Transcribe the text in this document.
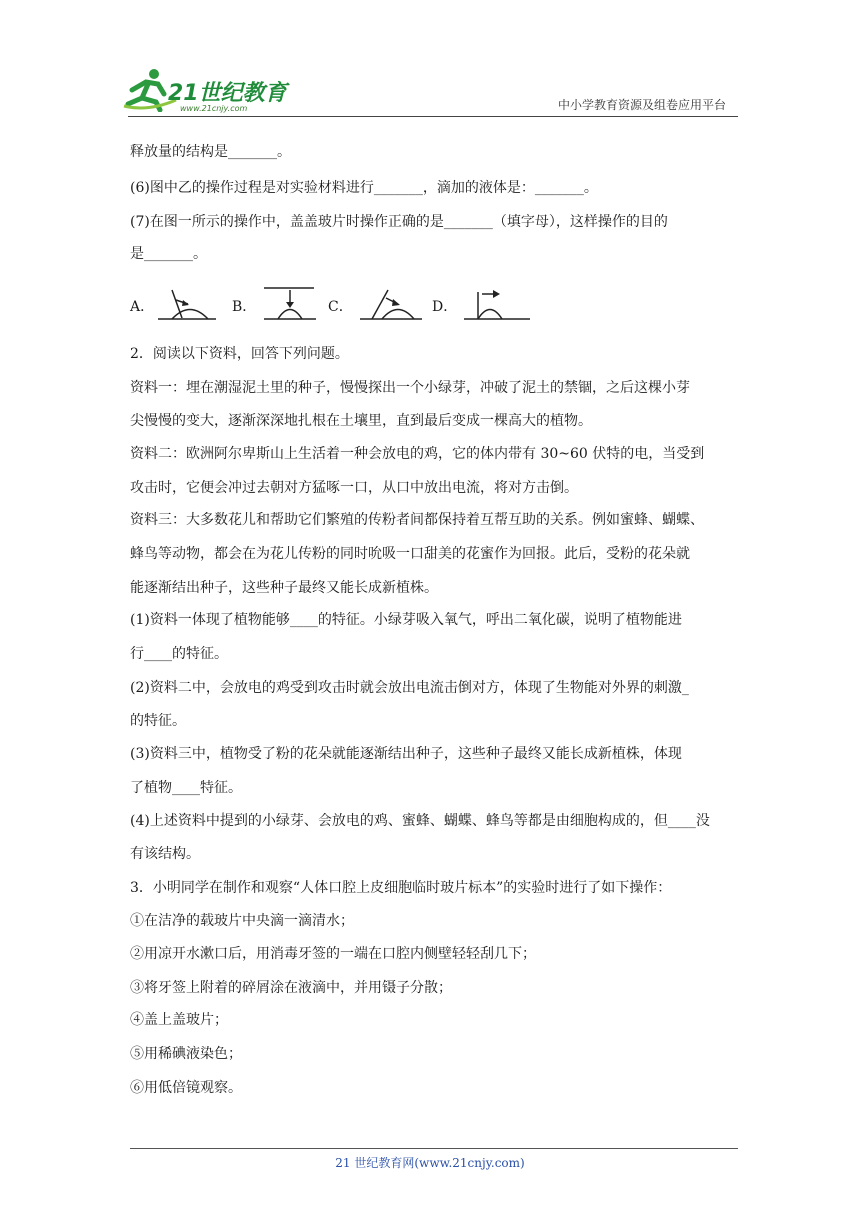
21世纪教育
www.21cnjy.com	中小学教育资源及组卷应用平台
释放量的结构是_______。
(6)图中乙的操作过程是对实验材料进行_______，滴加的液体是：_______。
(7)在图一所示的操作中，盖盖玻片时操作正确的是_______（填字母），这样操作的目的
是_______。
A．	B．	C．	D．
2．阅读以下资料，回答下列问题。
资料一：埋在潮湿泥土里的种子，慢慢探出一个小绿芽，冲破了泥土的禁锢，之后这棵小芽
尖慢慢的变大，逐渐深深地扎根在土壤里，直到最后变成一棵高大的植物。
资料二：欧洲阿尔卑斯山上生活着一种会放电的鸡，它的体内带有 30~60 伏特的电，当受到
攻击时，它便会冲过去朝对方猛啄一口，从口中放出电流，将对方击倒。
资料三：大多数花儿和帮助它们繁殖的传粉者间都保持着互帮互助的关系。例如蜜蜂、蝴蝶、
蜂鸟等动物，都会在为花儿传粉的同时吮吸一口甜美的花蜜作为回报。此后，受粉的花朵就
能逐渐结出种子，这些种子最终又能长成新植株。
(1)资料一体现了植物能够____的特征。小绿芽吸入氧气，呼出二氧化碳，说明了植物能进
行____的特征。
(2)资料二中，会放电的鸡受到攻击时就会放出电流击倒对方，体现了生物能对外界的刺激_
的特征。
(3)资料三中，植物受了粉的花朵就能逐渐结出种子，这些种子最终又能长成新植株，体现
了植物____特征。
(4)上述资料中提到的小绿芽、会放电的鸡、蜜蜂、蝴蝶、蜂鸟等都是由细胞构成的，但____没
有该结构。
3．小明同学在制作和观察“人体口腔上皮细胞临时玻片标本”的实验时进行了如下操作：
①在洁净的载玻片中央滴一滴清水；
②用凉开水漱口后，用消毒牙签的一端在口腔内侧壁轻轻刮几下；
③将牙签上附着的碎屑涂在液滴中，并用镊子分散；
④盖上盖玻片；
⑤用稀碘液染色；
⑥用低倍镜观察。
21 世纪教育网(www.21cnjy.com)
